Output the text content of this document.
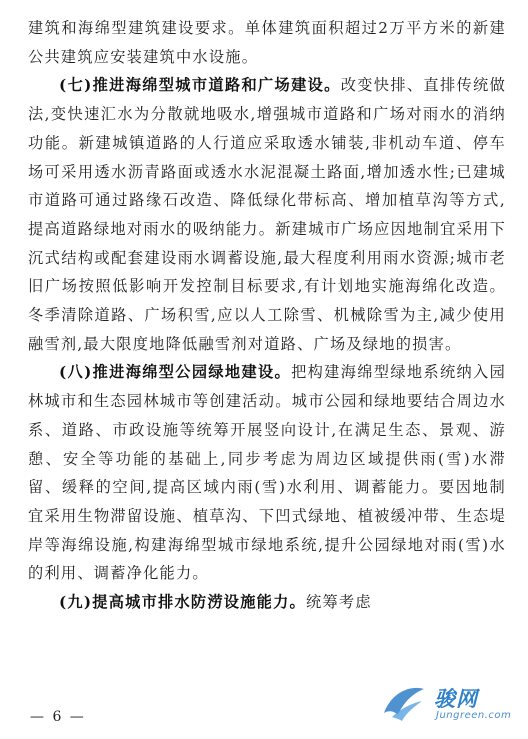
建筑和海绵型建筑建设要求。单体建筑面积超过2万平方米的新建公共建筑应安装建筑中水设施。

(七)推进海绵型城市道路和广场建设。改变快排、直排传统做法,变快速汇水为分散就地吸水,增强城市道路和广场对雨水的消纳功能。新建城镇道路的人行道应采取透水铺装,非机动车道、停车场可采用透水沥青路面或透水水泥混凝土路面,增加透水性;已建城市道路可通过路缘石改造、降低绿化带标高、增加植草沟等方式,提高道路绿地对雨水的吸纳能力。新建城市广场应因地制宜采用下沉式结构或配套建设雨水调蓄设施,最大程度利用雨水资源;城市老旧广场按照低影响开发控制目标要求,有计划地实施海绵化改造。冬季清除道路、广场积雪,应以人工除雪、机械除雪为主,减少使用融雪剂,最大限度地降低融雪剂对道路、广场及绿地的损害。

(八)推进海绵型公园绿地建设。把构建海绵型绿地系统纳入园林城市和生态园林城市等创建活动。城市公园和绿地要结合周边水系、道路、市政设施等统筹开展竖向设计,在满足生态、景观、游憩、安全等功能的基础上,同步考虑为周边区域提供雨(雪)水滞留、缓释的空间,提高区域内雨(雪)水利用、调蓄能力。要因地制宜采用生物滞留设施、植草沟、下凹式绿地、植被缓冲带、生态堤岸等海绵设施,构建海绵型城市绿地系统,提升公园绿地对雨(雪)水的利用、调蓄净化能力。

(九)提高城市排水防涝设施能力。统筹考虑

— 6 —
骏网
Jungreen.com
